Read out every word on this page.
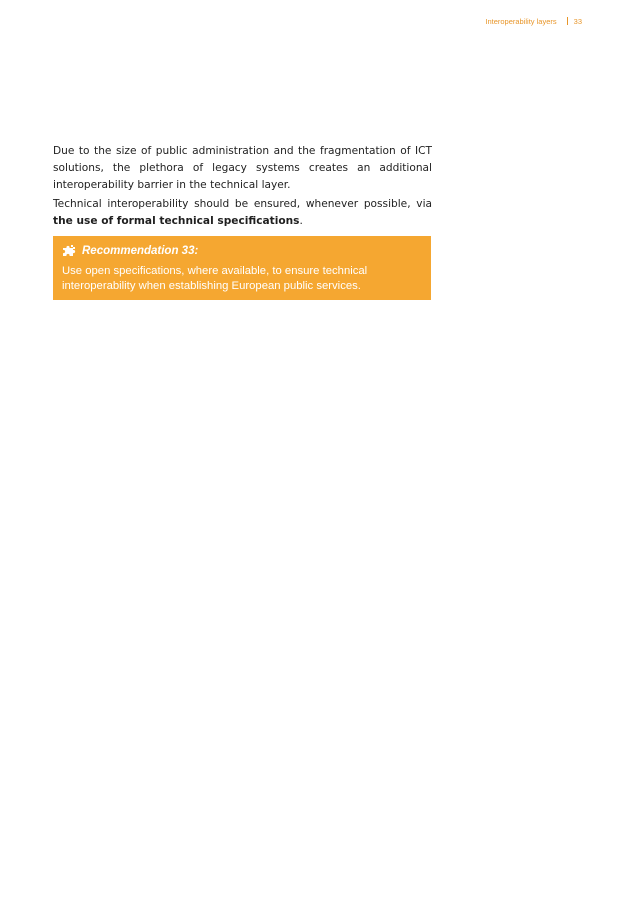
Interoperability layers 33

Due to the size of public administration and the fragmentation of ICT solutions, the plethora of legacy systems creates an additional interoperability barrier in the technical layer.

Technical interoperability should be ensured, whenever possible, via the use of formal technical specifications.

Recommendation 33:
Use open specifications, where available, to ensure technical interoperability when establishing European public services.
